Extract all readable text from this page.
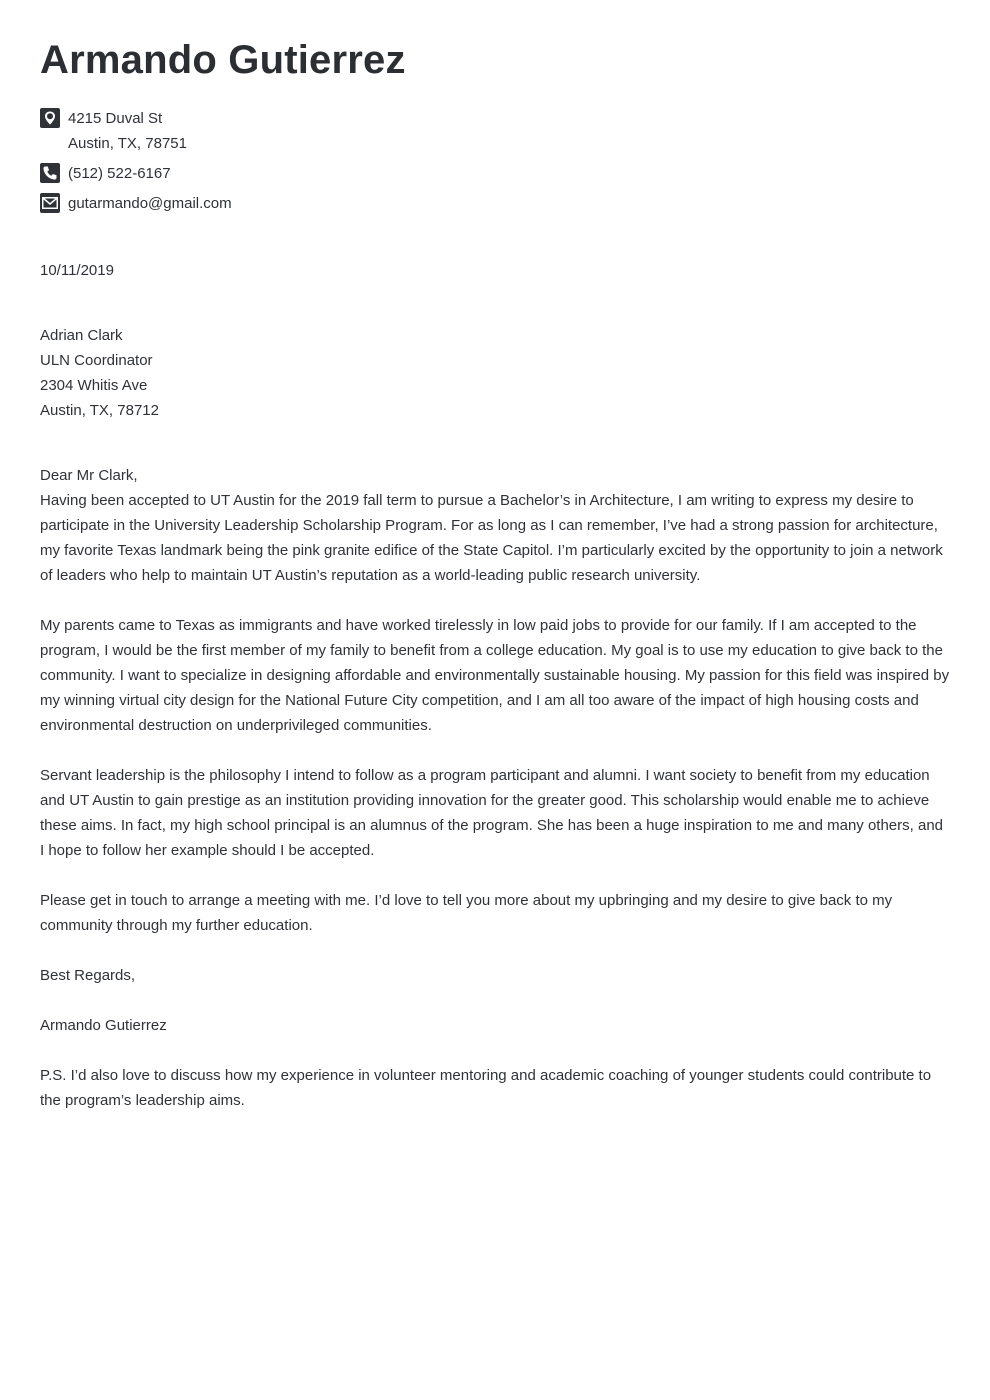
Armando Gutierrez
4215 Duval St
Austin, TX, 78751
(512) 522-6167
gutarmando@gmail.com
10/11/2019
Adrian Clark
ULN Coordinator
2304 Whitis Ave
Austin, TX, 78712

Dear Mr Clark,

Having been accepted to UT Austin for the 2019 fall term to pursue a Bachelor’s in Architecture, I am writing to express my desire to participate in the University Leadership Scholarship Program. For as long as I can remember, I’ve had a strong passion for architecture, my favorite Texas landmark being the pink granite edifice of the State Capitol. I’m particularly excited by the opportunity to join a network of leaders who help to maintain UT Austin’s reputation as a world-leading public research university.

My parents came to Texas as immigrants and have worked tirelessly in low paid jobs to provide for our family. If I am accepted to the program, I would be the first member of my family to benefit from a college education. My goal is to use my education to give back to the community. I want to specialize in designing affordable and environmentally sustainable housing. My passion for this field was inspired by my winning virtual city design for the National Future City competition, and I am all too aware of the impact of high housing costs and environmental destruction on underprivileged communities.

Servant leadership is the philosophy I intend to follow as a program participant and alumni. I want society to benefit from my education and UT Austin to gain prestige as an institution providing innovation for the greater good. This scholarship would enable me to achieve these aims. In fact, my high school principal is an alumnus of the program. She has been a huge inspiration to me and many others, and I hope to follow her example should I be accepted.

Please get in touch to arrange a meeting with me. I’d love to tell you more about my upbringing and my desire to give back to my community through my further education.

Best Regards,

Armando Gutierrez

P.S. I’d also love to discuss how my experience in volunteer mentoring and academic coaching of younger students could contribute to the program’s leadership aims.
